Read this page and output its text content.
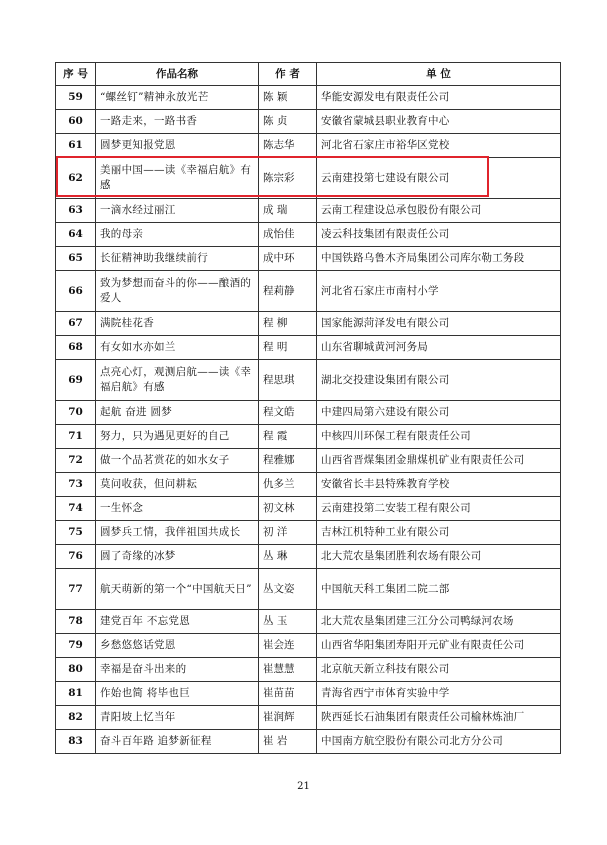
序 号	作品名称	作 者	单 位
59	“螺丝钉”精神永放光芒	陈 颖	华能安源发电有限责任公司
60	一路走来，一路书香	陈 贞	安徽省蒙城县职业教育中心
61	圆梦更知报党恩	陈志华	河北省石家庄市裕华区党校
62	美丽中国——读《幸福启航》有感	陈宗彩	云南建投第七建设有限公司
63	一滴水经过丽江	成 瑞	云南工程建设总承包股份有限公司
64	我的母亲	成怡佳	凌云科技集团有限责任公司
65	长征精神助我继续前行	成中环	中国铁路乌鲁木齐局集团公司库尔勒工务段
66	致为梦想而奋斗的你——酿酒的爱人	程莉静	河北省石家庄市南村小学
67	满院桂花香	程 柳	国家能源菏泽发电有限公司
68	有女如水亦如兰	程 明	山东省聊城黄河河务局
69	点亮心灯，观测启航——读《幸福启航》有感	程思琪	湖北交投建设集团有限公司
70	起航 奋进 圆梦	程文皓	中建四局第六建设有限公司
71	努力，只为遇见更好的自己	程 霞	中核四川环保工程有限责任公司
72	做一个品茗赏花的如水女子	程雅娜	山西省晋煤集团金鼎煤机矿业有限责任公司
73	莫问收获，但问耕耘	仇多兰	安徽省长丰县特殊教育学校
74	一生怀念	初文林	云南建投第二安装工程有限公司
75	圆梦兵工情，我伴祖国共成长	初 洋	吉林江机特种工业有限公司
76	圆了奇缘的冰梦	丛 琳	北大荒农垦集团胜利农场有限公司
77	航天萌新的第一个“中国航天日”	丛文姿	中国航天科工集团二院二部
78	建党百年 不忘党恩	丛 玉	北大荒农垦集团建三江分公司鸭绿河农场
79	乡愁悠悠话党恩	崔会连	山西省华阳集团寿阳开元矿业有限责任公司
80	幸福是奋斗出来的	崔慧慧	北京航天新立科技有限公司
81	作始也简 将毕也巨	崔苗苗	青海省西宁市体育实验中学
82	青阳坡上忆当年	崔润辉	陕西延长石油集团有限责任公司榆林炼油厂
83	奋斗百年路 追梦新征程	崔 岩	中国南方航空股份有限公司北方分公司
21
